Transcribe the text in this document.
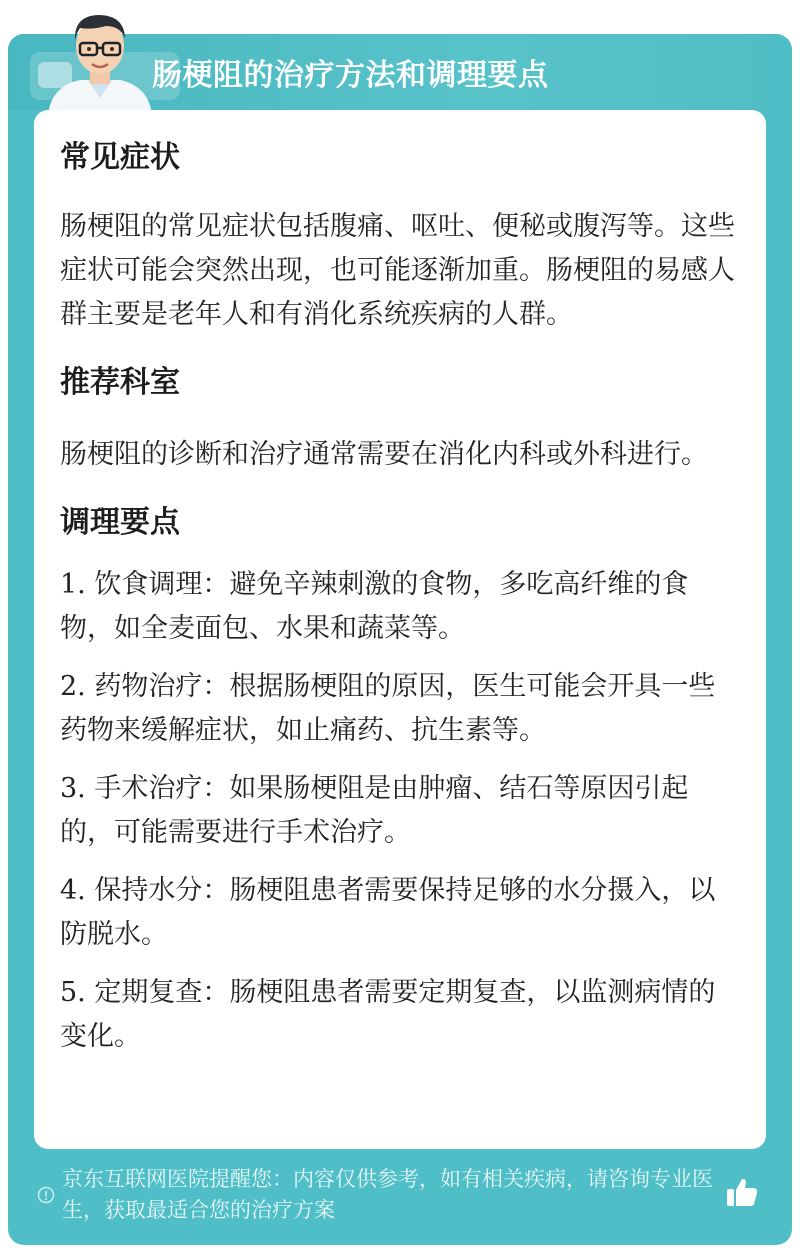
肠梗阻的治疗方法和调理要点
常见症状

肠梗阻的常见症状包括腹痛、呕吐、便秘或腹泻等。这些症状可能会突然出现，也可能逐渐加重。肠梗阻的易感人群主要是老年人和有消化系统疾病的人群。

推荐科室

肠梗阻的诊断和治疗通常需要在消化内科或外科进行。

调理要点

1. 饮食调理：避免辛辣刺激的食物，多吃高纤维的食物，如全麦面包、水果和蔬菜等。

2. 药物治疗：根据肠梗阻的原因，医生可能会开具一些药物来缓解症状，如止痛药、抗生素等。

3. 手术治疗：如果肠梗阻是由肿瘤、结石等原因引起的，可能需要进行手术治疗。

4. 保持水分：肠梗阻患者需要保持足够的水分摄入，以防脱水。

5. 定期复查：肠梗阻患者需要定期复查，以监测病情的变化。

京东互联网医院提醒您：内容仅供参考，如有相关疾病，请咨询专业医生，获取最适合您的治疗方案
